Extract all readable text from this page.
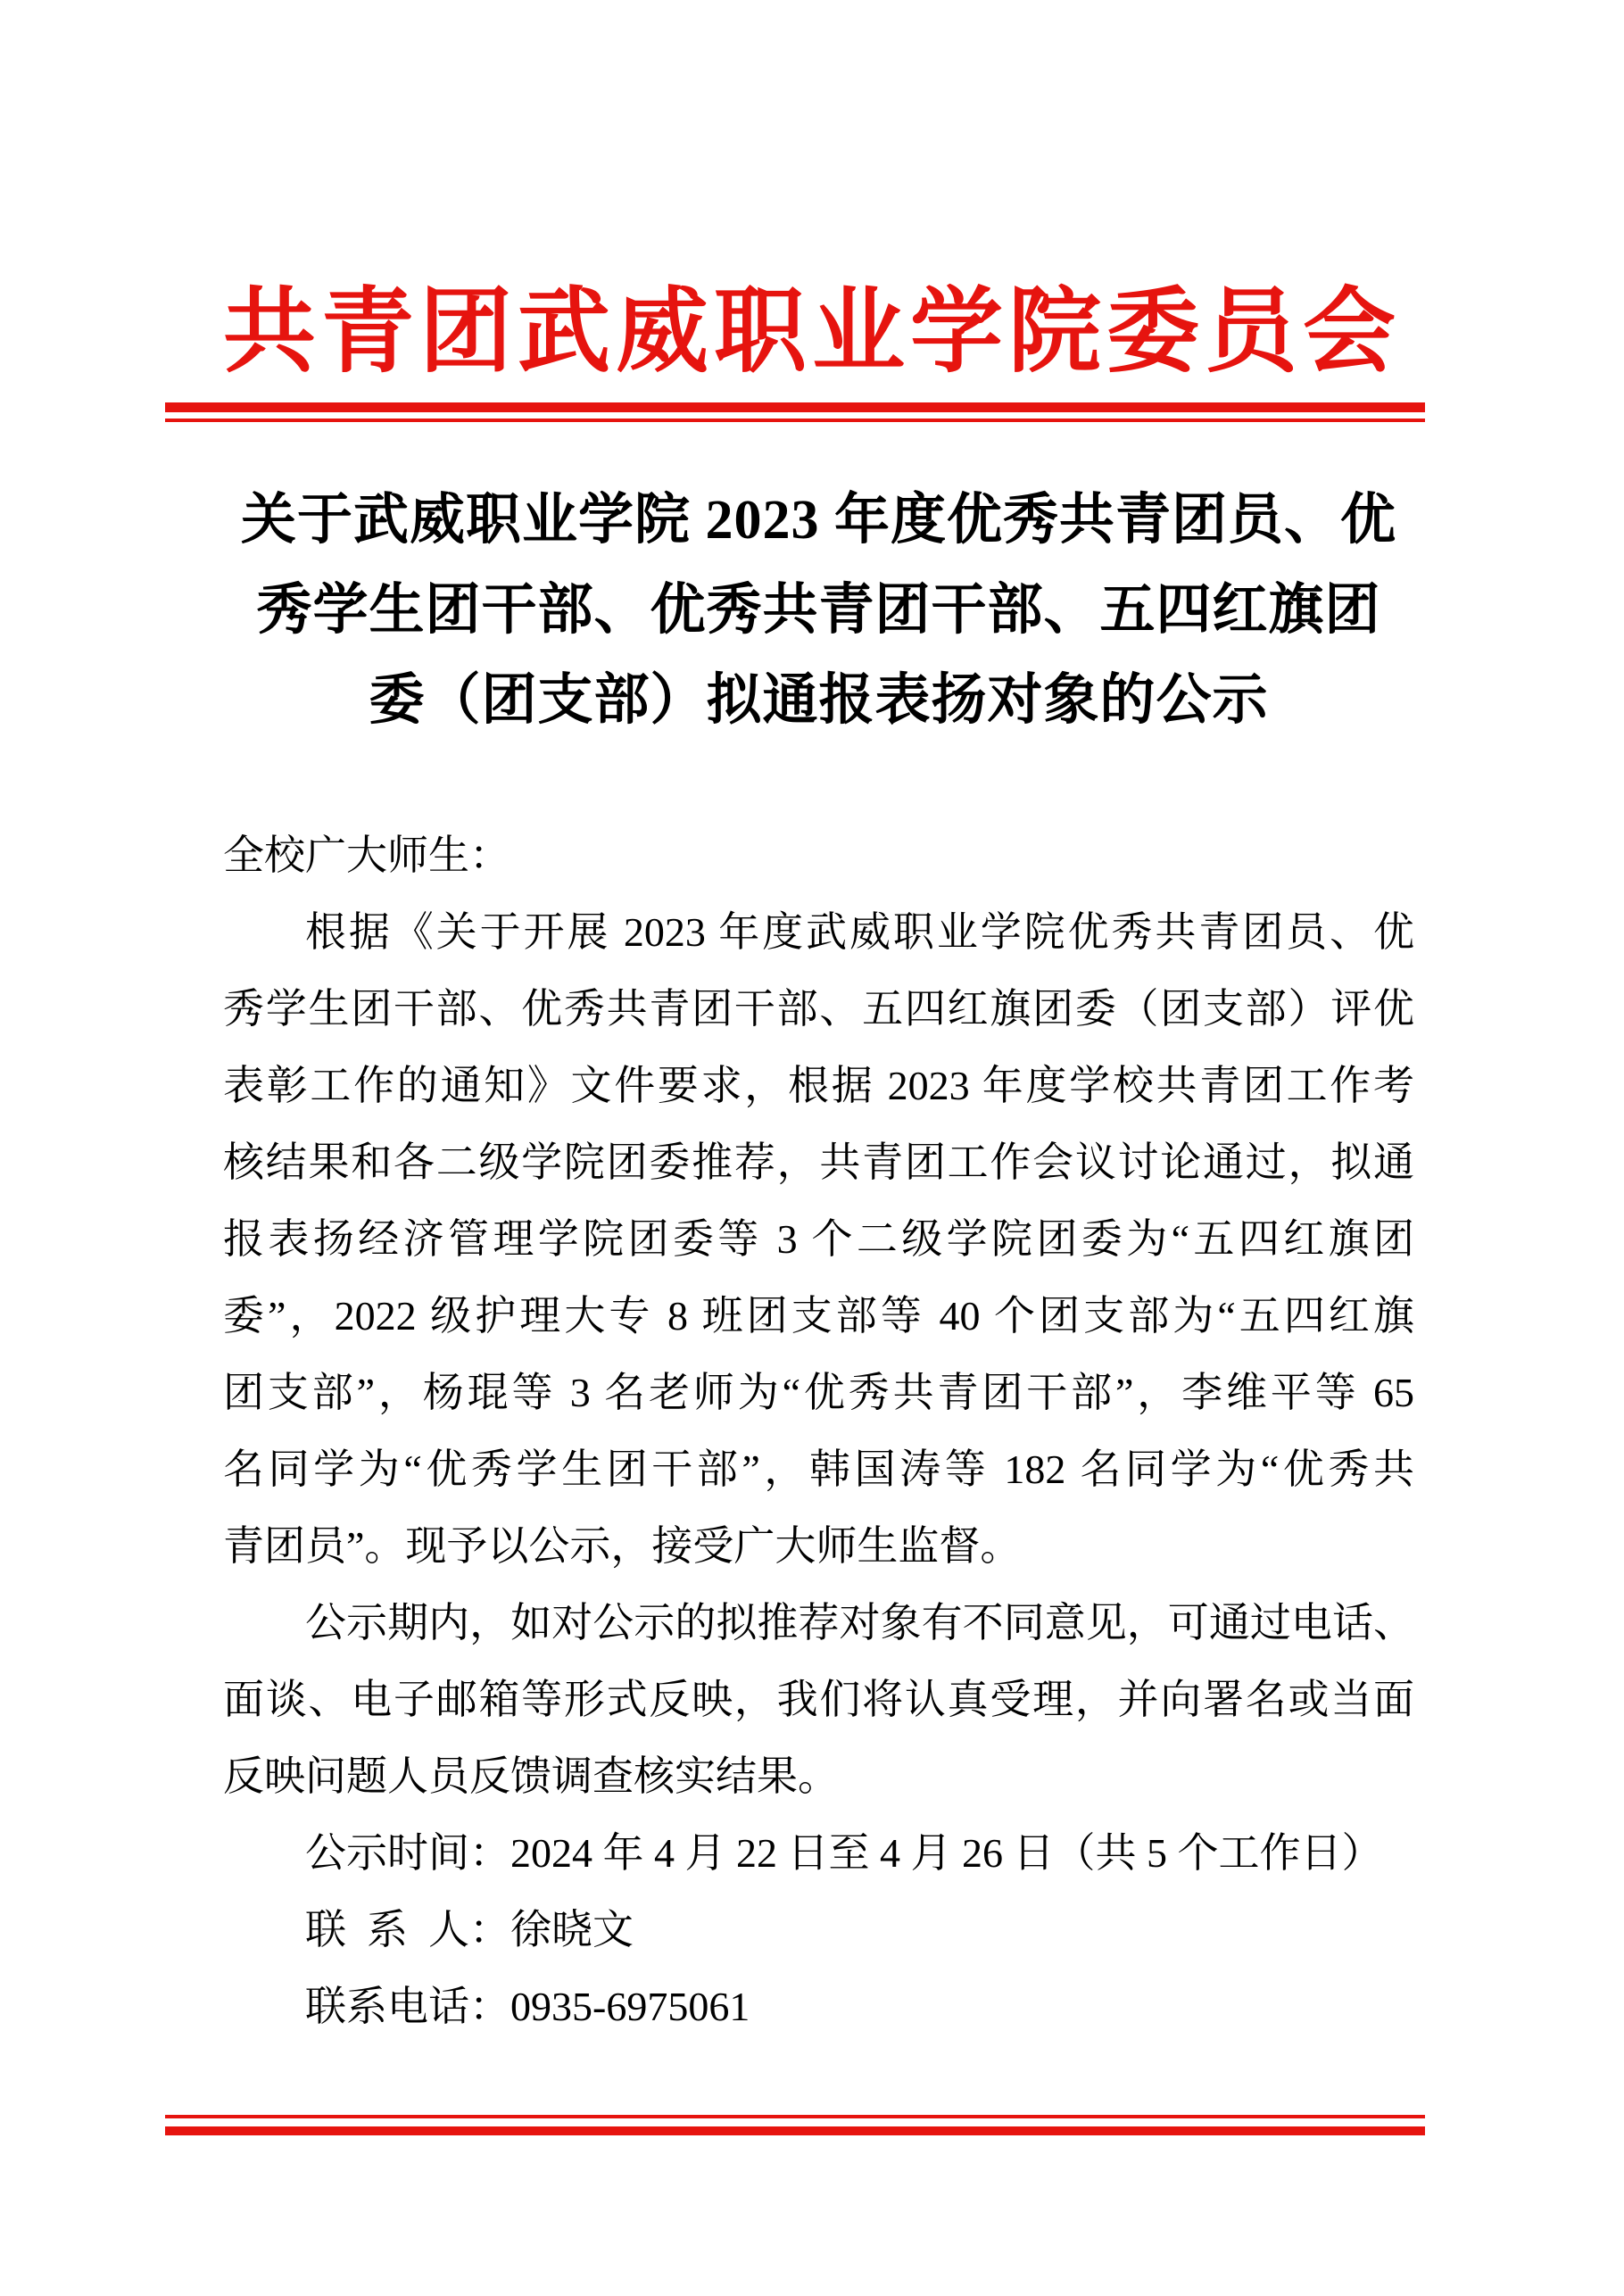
共青团武威职业学院委员会
关于武威职业学院 2023 年度优秀共青团员、优
秀学生团干部、优秀共青团干部、五四红旗团
委（团支部）拟通报表扬对象的公示
全校广大师生：
根据《关于开展 2023 年度武威职业学院优秀共青团员、优
秀学生团干部、优秀共青团干部、五四红旗团委（团支部）评优
表彰工作的通知》文件要求，根据 2023 年度学校共青团工作考
核结果和各二级学院团委推荐，共青团工作会议讨论通过，拟通
报表扬经济管理学院团委等 3 个二级学院团委为“五四红旗团
委”，2022 级护理大专 8 班团支部等 40 个团支部为“五四红旗
团支部”，杨琨等 3 名老师为“优秀共青团干部”，李维平等 65
名同学为“优秀学生团干部”，韩国涛等 182 名同学为“优秀共
青团员”。现予以公示，接受广大师生监督。
公示期内，如对公示的拟推荐对象有不同意见，可通过电话、
面谈、电子邮箱等形式反映，我们将认真受理，并向署名或当面
反映问题人员反馈调查核实结果。
公示时间：2024 年 4 月 22 日至 4 月 26 日（共 5 个工作日）
联 系 人：徐晓文
联系电话：0935-6975061
